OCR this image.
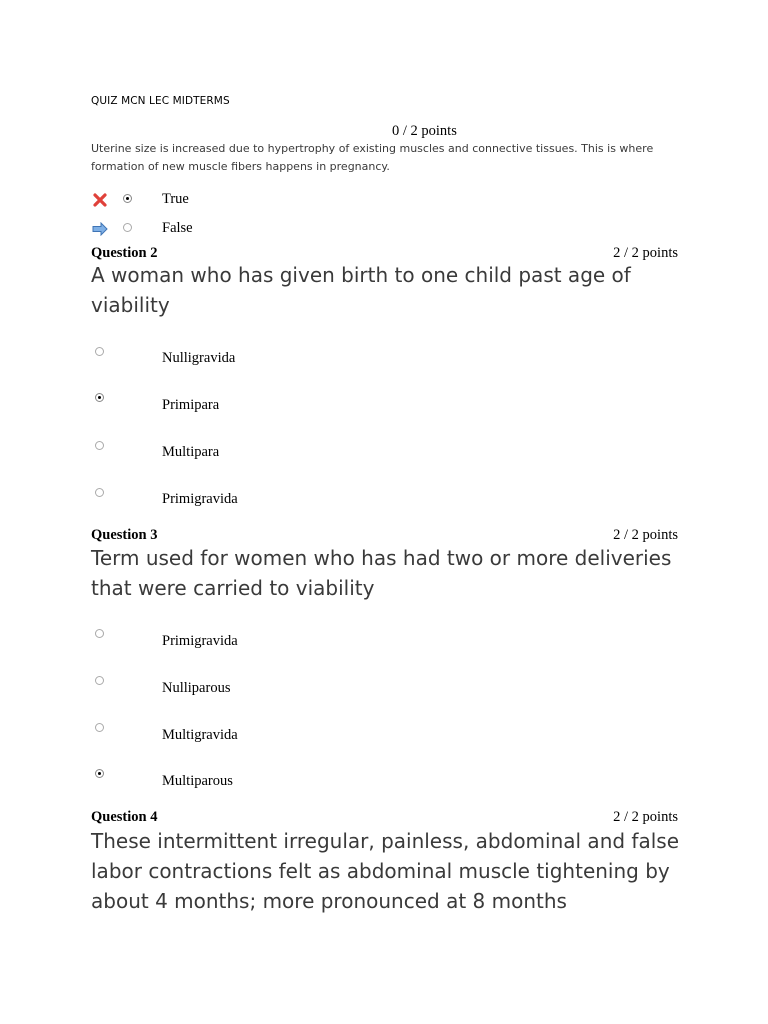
QUIZ MCN LEC MIDTERMS
0 / 2 points
Uterine size is increased due to hypertrophy of existing muscles and connective tissues. This is where formation of new muscle fibers happens in pregnancy.
True
False
Question 2	2 / 2 points
A woman who has given birth to one child past age of viability
Nulligravida
Primipara
Multipara
Primigravida
Question 3	2 / 2 points
Term used for women who has had two or more deliveries that were carried to viability
Primigravida
Nulliparous
Multigravida
Multiparous
Question 4	2 / 2 points
These intermittent irregular, painless, abdominal and false labor contractions felt as abdominal muscle tightening by about 4 months; more pronounced at 8 months
